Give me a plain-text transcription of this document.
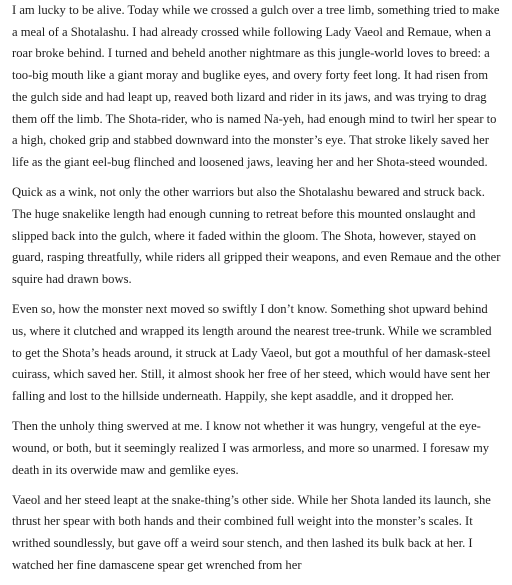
I am lucky to be alive. Today while we crossed a gulch over a tree limb, something tried to make a meal of a Shotalashu. I had already crossed while following Lady Vaeol and Remaue, when a roar broke behind. I turned and beheld another nightmare as this jungle-world loves to breed: a too-big mouth like a giant moray and buglike eyes, and overy forty feet long. It had risen from the gulch side and had leapt up, reaved both lizard and rider in its jaws, and was trying to drag them off the limb. The Shota-rider, who is named Na-yeh, had enough mind to twirl her spear to a high, choked grip and stabbed downward into the monster’s eye. That stroke likely saved her life as the giant eel-bug flinched and loosened jaws, leaving her and her Shota-steed wounded.

Quick as a wink, not only the other warriors but also the Shotalashu bewared and struck back. The huge snakelike length had enough cunning to retreat before this mounted onslaught and slipped back into the gulch, where it faded within the gloom. The Shota, however, stayed on guard, rasping threatfully, while riders all gripped their weapons, and even Remaue and the other squire had drawn bows.

Even so, how the monster next moved so swiftly I don’t know. Something shot upward behind us, where it clutched and wrapped its length around the nearest tree-trunk. While we scrambled to get the Shota’s heads around, it struck at Lady Vaeol, but got a mouthful of her damask-steel cuirass, which saved her. Still, it almost shook her free of her steed, which would have sent her falling and lost to the hillside underneath. Happily, she kept asaddle, and it dropped her.

Then the unholy thing swerved at me. I know not whether it was hungry, vengeful at the eye-wound, or both, but it seemingly realized I was armorless, and more so unarmed. I foresaw my death in its overwide maw and gemlike eyes.

Vaeol and her steed leapt at the snake-thing’s other side. While her Shota landed its launch, she thrust her spear with both hands and their combined full weight into the monster’s scales. It writhed soundlessly, but gave off a weird sour stench, and then lashed its bulk back at her. I watched her fine damascene spear get wrenched from her
